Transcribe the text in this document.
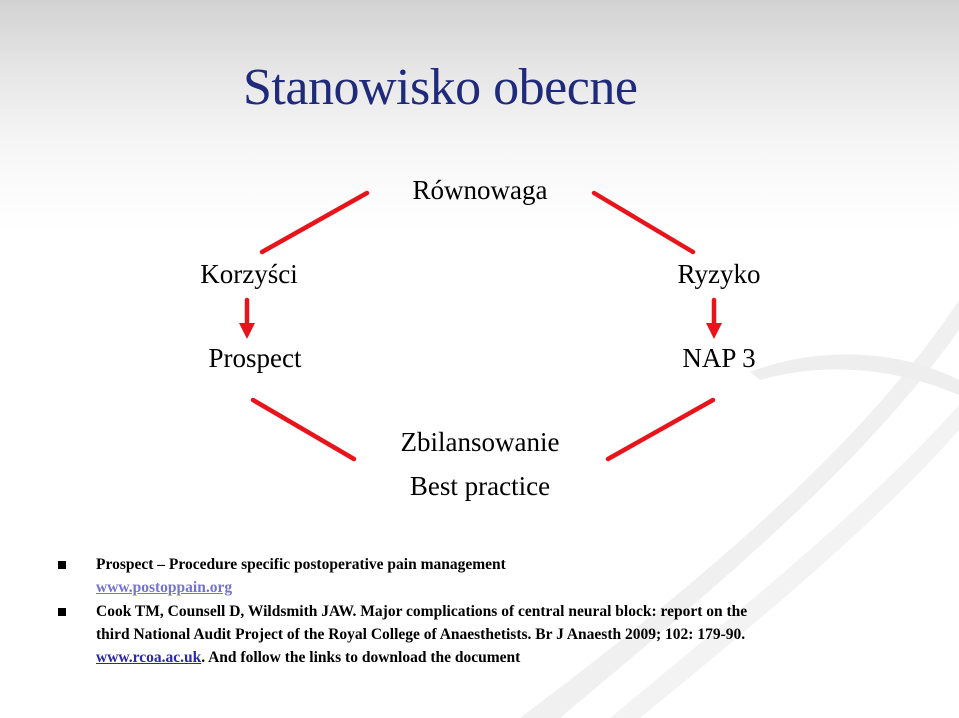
Stanowisko obecne
Równowaga
Korzyści	Ryzyko
Prospect	NAP 3
Zbilansowanie
Best practice
Prospect – Procedure specific postoperative pain management
www.postoppain.org
Cook TM, Counsell D, Wildsmith JAW. Major complications of central neural block: report on the
third National Audit Project of the Royal College of Anaesthetists. Br J Anaesth 2009; 102: 179-90.
www.rcoa.ac.uk. And follow the links to download the document
